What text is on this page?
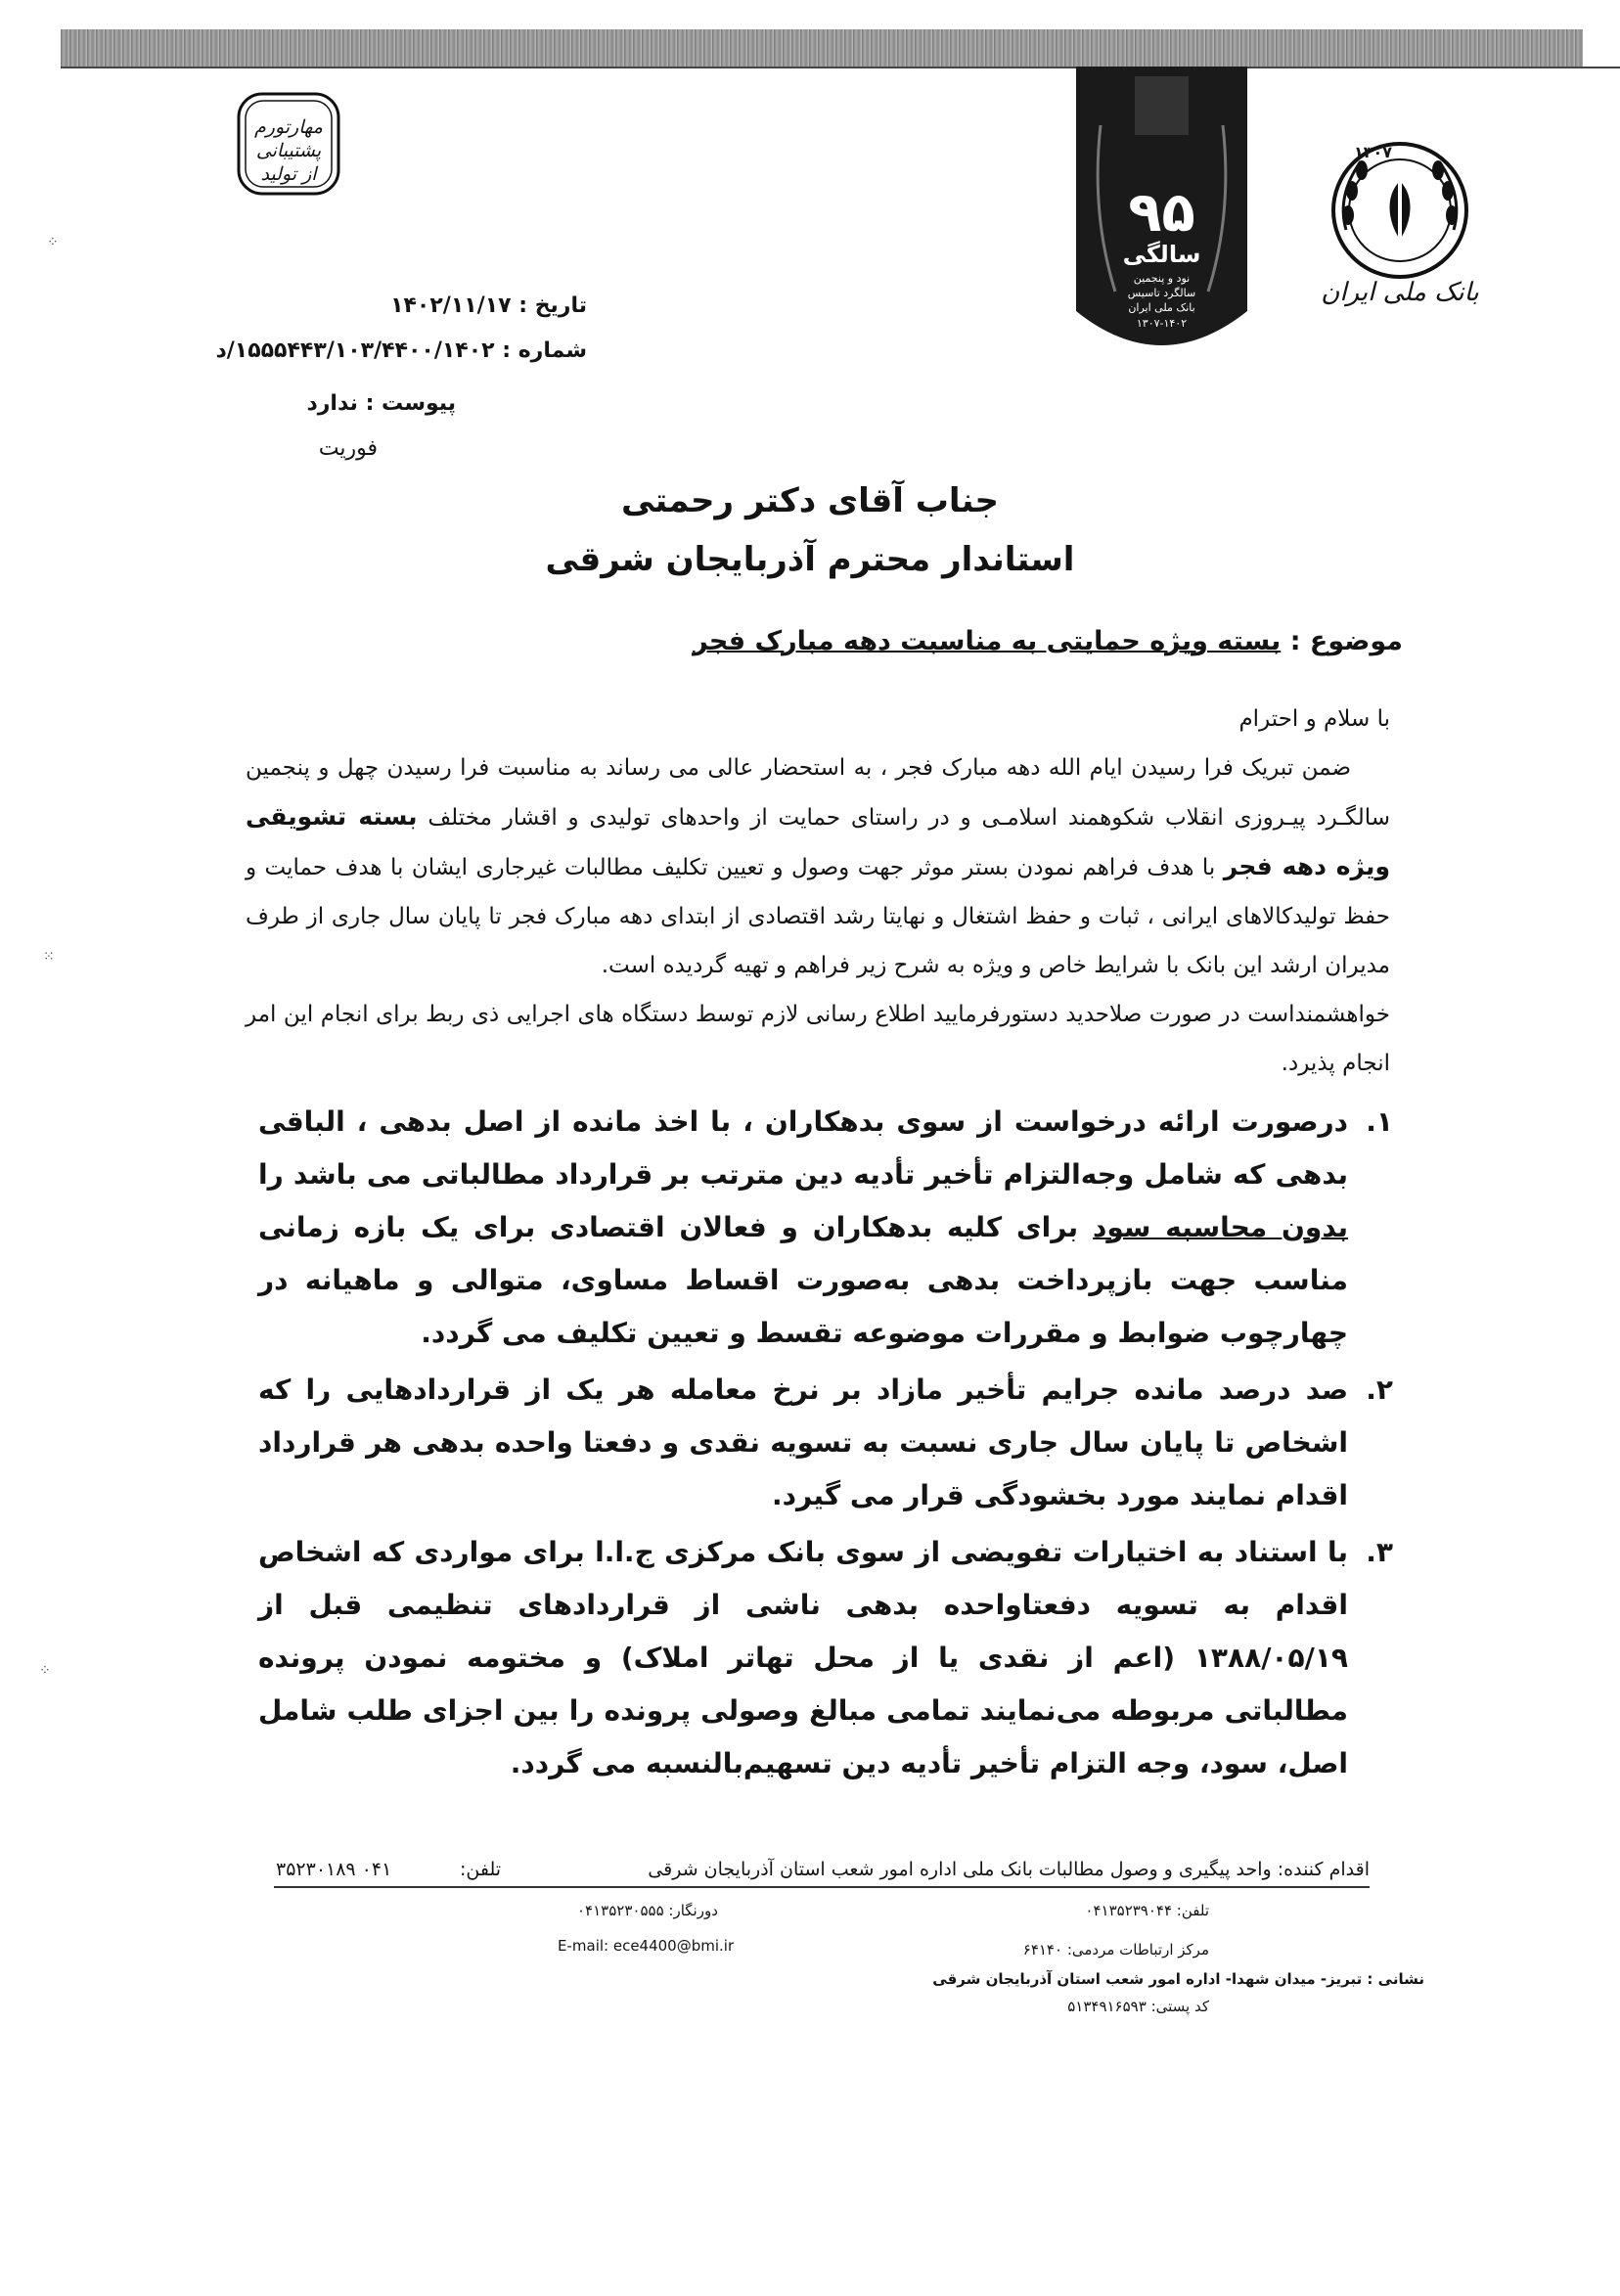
۱۳۰۷
بانک ملی ایران
۹۵
سالگی
نود و پنجمین
سالگرد تاسیس
بانک ملی ایران
۱۳۰۷-۱۴۰۲
مهارتورم
پشتیبانی
از تولید
تاریخ : ۱۴۰۲/۱۱/۱۷
شماره : ۱۵۵۵۴۴۳/۱۰۳/۴۴۰۰/۱۴۰۲/د
پیوست : ندارد
فوریت
جناب آقای دکتر رحمتی
استاندار محترم آذربایجان شرقی
موضوع : بسته ویژه حمایتی به مناسبت دهه مبارک فجر
با سلام و احترام
ضمن تبریک فرا رسیدن ایام الله دهه مبارک فجر ، به استحضار عالی می رساند به مناسبت فرا رسیدن چهل و پنجمین سالگـرد پیـروزی انقلاب شکوهمند اسلامـی و در راستای حمایت از واحدهای تولیدی و اقشار مختلف بسته تشویقی ویژه دهه فجر با هدف فراهم نمودن بستر موثر جهت وصول و تعیین تکلیف مطالبات غیرجاری ایشان با هدف حمایت و حفظ تولیدکالاهای ایرانی ، ثبات و حفظ اشتغال و نهایتا رشد اقتصادی از ابتدای دهه مبارک فجر تا پایان سال جاری از طرف مدیران ارشد این بانک با شرایط خاص و ویژه به شرح زیر فراهم و تهیه گردیده است.
خواهشمنداست در صورت صلاحدید دستورفرمایید اطلاع رسانی لازم توسط دستگاه های اجرایی ذی ربط برای انجام این امر انجام پذیرد.
۱.
درصورت ارائه درخواست از سوی بدهکاران ، با اخذ مانده از اصل بدهی ، الباقی بدهی که شامل وجه‌التزام تأخیر تأدیه دین مترتب بر قرارداد مطالباتی می باشد را بدون محاسبه سود برای کلیه بدهکاران و فعالان اقتصادی برای یک بازه زمانی مناسب جهت بازپرداخت بدهی به‌صورت اقساط مساوی، متوالی و ماهیانه در چهارچوب ضوابط و مقررات موضوعه تقسط و تعیین تکلیف می گردد.
۲.
صد درصد مانده جرایم تأخیر مازاد بر نرخ معامله هر یک از قراردادهایی را که اشخاص تا پایان سال جاری نسبت به تسویه نقدی و دفعتا واحده بدهی هر قرارداد اقدام نمایند مورد بخشودگی قرار می گیرد.
۳.
با استناد به اختیارات تفویضی از سوی بانک مرکزی ج.ا.ا برای مواردی که اشخاص اقدام به تسویه دفعتاواحده بدهی ناشی از قراردادهای تنظیمی قبل از ۱۳۸۸/۰۵/۱۹ (اعم از نقدی یا از محل تهاتر املاک) و مختومه نمودن پرونده مطالباتی مربوطه می‌نمایند تمامی مبالغ وصولی پرونده را بین اجزای طلب شامل اصل، سود، وجه التزام تأخیر تأدیه دین تسهیم‌بالنسبه می گردد.
اقدام کننده: واحد پیگیری و وصول مطالبات بانک ملی اداره امور شعب استان آذربایجان شرقی
تلفن:
۳۵۲۳۰۱۸۹ ۰۴۱
تلفن: ۰۴۱۳۵۲۳۹۰۴۴
دورنگار: ۰۴۱۳۵۲۳۰۵۵۵
مرکز ارتباطات مردمی: ۶۴۱۴۰
E-mail: ece4400@bmi.ir
نشانی : تبریز- میدان شهدا- اداره امور شعب استان آذربایجان شرقی
کد پستی: ۵۱۳۴۹۱۶۵۹۳
⁘
⁙
⁘
